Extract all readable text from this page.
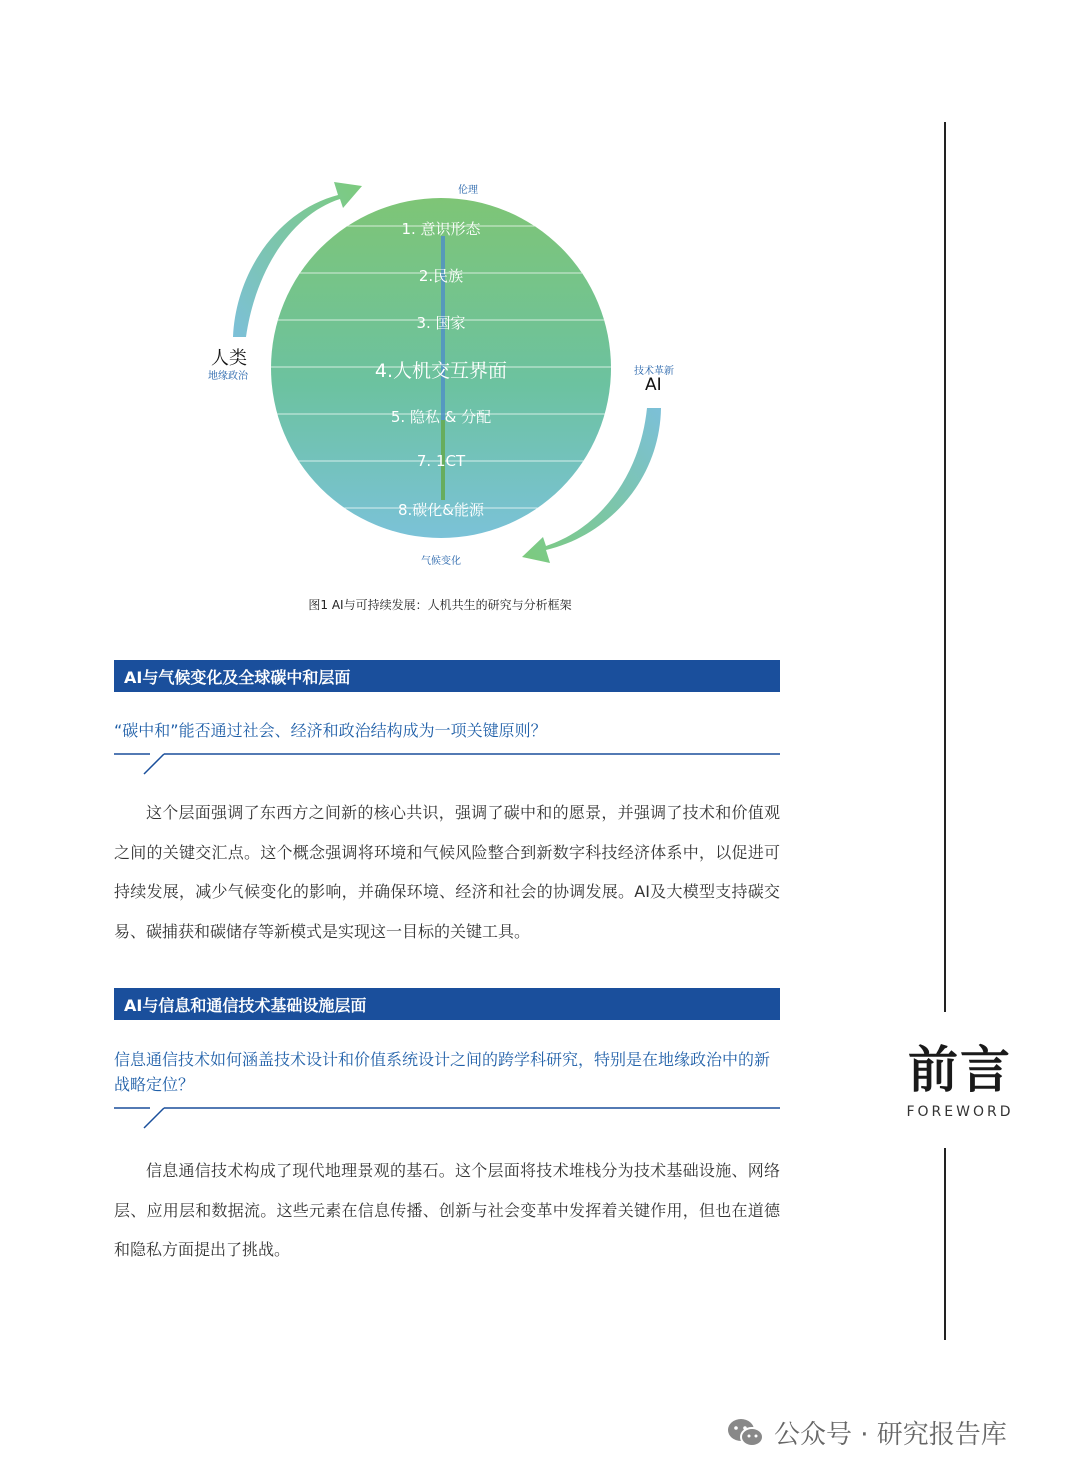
伦理
气候变化
人类
地缘政治	技术革新
AI
1. 意识形态
2.民族
3. 国家
4.人机交互界面
5. 隐私 & 分配
7. 1CT
8.碳化&能源
图1 AI与可持续发展：人机共生的研究与分析框架
AI与气候变化及全球碳中和层面
“碳中和”能否通过社会、经济和政治结构成为一项关键原则？
这个层面强调了东西方之间新的核心共识，强调了碳中和的愿景，并强调了技术和价值观之间的关键交汇点。这个概念强调将环境和气候风险整合到新数字科技经济体系中，以促进可持续发展，减少气候变化的影响，并确保环境、经济和社会的协调发展。AI及大模型支持碳交易、碳捕获和碳储存等新模式是实现这一目标的关键工具。
AI与信息和通信技术基础设施层面
信息通信技术如何涵盖技术设计和价值系统设计之间的跨学科研究，特别是在地缘政治中的新战略定位？
信息通信技术构成了现代地理景观的基石。这个层面将技术堆栈分为技术基础设施、网络层、应用层和数据流。这些元素在信息传播、创新与社会变革中发挥着关键作用，但也在道德和隐私方面提出了挑战。
前言
FOREWORD
公众号 · 研究报告库
